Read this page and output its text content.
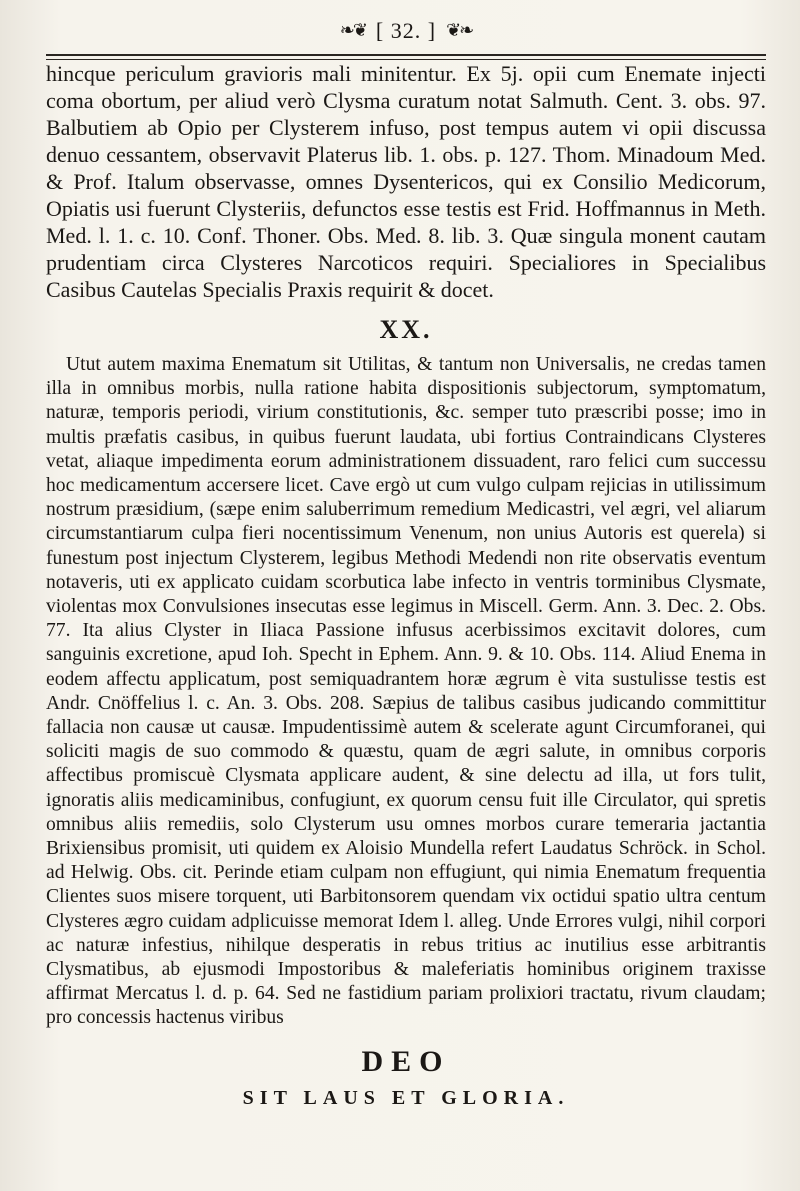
❧❦ [ 32. ] ❦❧

hincque periculum gravioris mali minitentur. Ex 5j. opii cum Enemate injecti coma obortum, per aliud verò Clysma curatum notat Salmuth. Cent. 3. obs. 97. Balbutiem ab Opio per Clysterem infuso, post tempus autem vi opii discussa denuo cessantem, observavit Platerus lib. 1. obs. p. 127. Thom. Minadoum Med. & Prof. Italum observasse, omnes Dysentericos, qui ex Consilio Medicorum, Opiatis usi fuerunt Clysteriis, defunctos esse testis est Frid. Hoffmannus in Meth. Med. l. 1. c. 10. Conf. Thoner. Obs. Med. 8. lib. 3. Quæ singula monent cautam prudentiam circa Clysteres Narcoticos requiri. Specialiores in Specialibus Casibus Cautelas Specialis Praxis requirit & docet.

XX.

Utut autem maxima Enematum sit Utilitas, & tantum non Universalis, ne credas tamen illa in omnibus morbis, nulla ratione habita dispositionis subjectorum, symptomatum, naturæ, temporis periodi, virium constitutionis, &c. semper tuto præscribi posse; imo in multis præfatis casibus, in quibus fuerunt laudata, ubi fortius Contraindicans Clysteres vetat, aliaque impedimenta eorum administrationem dissuadent, raro felici cum successu hoc medicamentum accersere licet. Cave ergò ut cum vulgo culpam rejicias in utilissimum nostrum præsidium, (sæpe enim saluberrimum remedium Medicastri, vel ægri, vel aliarum circumstantiarum culpa fieri nocentissimum Venenum, non unius Autoris est querela) si funestum post injectum Clysterem, legibus Methodi Medendi non rite observatis eventum notaveris, uti ex applicato cuidam scorbutica labe infecto in ventris torminibus Clysmate, violentas mox Convulsiones insecutas esse legimus in Miscell. Germ. Ann. 3. Dec. 2. Obs. 77. Ita alius Clyster in Iliaca Passione infusus acerbissimos excitavit dolores, cum sanguinis excretione, apud Ioh. Specht in Ephem. Ann. 9. & 10. Obs. 114. Aliud Enema in eodem affectu applicatum, post semiquadrantem horæ ægrum è vita sustulisse testis est Andr. Cnöffelius l. c. An. 3. Obs. 208. Sæpius de talibus casibus judicando committitur fallacia non causæ ut causæ. Impudentissimè autem & scelerate agunt Circumforanei, qui soliciti magis de suo commodo & quæstu, quam de ægri salute, in omnibus corporis affectibus promiscuè Clysmata applicare audent, & sine delectu ad illa, ut fors tulit, ignoratis aliis medicaminibus, confugiunt, ex quorum censu fuit ille Circulator, qui spretis omnibus aliis remediis, solo Clysterum usu omnes morbos curare temeraria jactantia Brixiensibus promisit, uti quidem ex Aloisio Mundella refert Laudatus Schröck. in Schol. ad Helwig. Obs. cit. Perinde etiam culpam non effugiunt, qui nimia Enematum frequentia Clientes suos misere torquent, uti Barbitonsorem quendam vix octidui spatio ultra centum Clysteres ægro cuidam adplicuisse memorat Idem l. alleg. Unde Errores vulgi, nihil corpori ac naturæ infestius, nihilque desperatis in rebus tritius ac inutilius esse arbitrantis Clysmatibus, ab ejusmodi Impostoribus & maleferiatis hominibus originem traxisse affirmat Mercatus l. d. p. 64. Sed ne fastidium pariam prolixiori tractatu, rivum claudam; pro concessis hactenus viribus

DEO
SIT LAUS ET GLORIA.
